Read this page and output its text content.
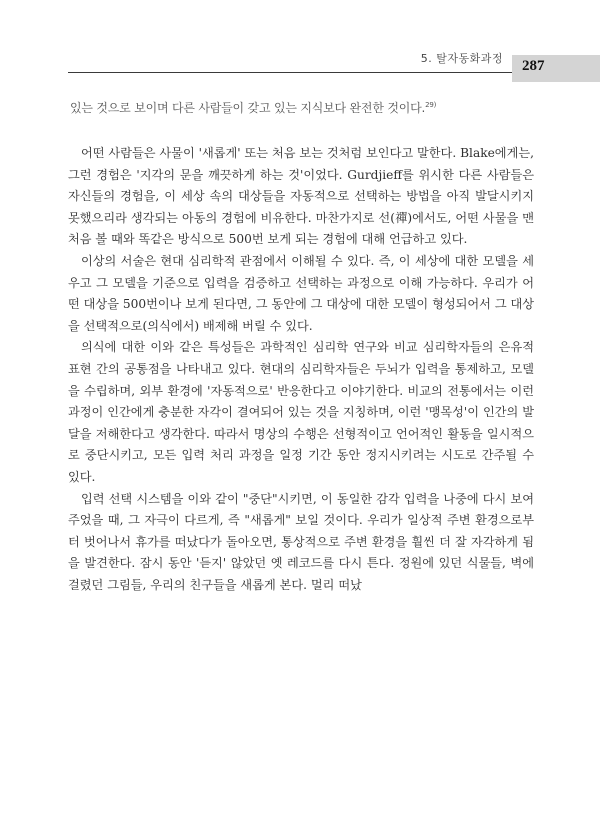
5. 탈자동화과정 287
있는 것으로 보이며 다른 사람들이 갖고 있는 지식보다 완전한 것이다.$^{29)}$

어떤 사람들은 사물이 '새롭게' 또는 처음 보는 것처럼 보인다고 말한다. Blake에게는, 그런 경험은 '지각의 문을 깨끗하게 하는 것'이었다. Gurdjieff를 위시한 다른 사람들은 자신들의 경험을, 이 세상 속의 대상들을 자동적으로 선택하는 방법을 아직 발달시키지 못했으리라 생각되는 아동의 경험에 비유한다. 마찬가지로 선(禪)에서도, 어떤 사물을 맨 처음 볼 때와 똑같은 방식으로 500번 보게 되는 경험에 대해 언급하고 있다.

이상의 서술은 현대 심리학적 관점에서 이해될 수 있다. 즉, 이 세상에 대한 모델을 세우고 그 모델을 기준으로 입력을 검증하고 선택하는 과정으로 이해 가능하다. 우리가 어떤 대상을 500번이나 보게 된다면, 그 동안에 그 대상에 대한 모델이 형성되어서 그 대상을 선택적으로(의식에서) 배제해 버릴 수 있다.

의식에 대한 이와 같은 특성들은 과학적인 심리학 연구와 비교 심리학자들의 은유적 표현 간의 공통점을 나타내고 있다. 현대의 심리학자들은 두뇌가 입력을 통제하고, 모델을 수립하며, 외부 환경에 '자동적으로' 반응한다고 이야기한다. 비교의 전통에서는 이런 과정이 인간에게 충분한 자각이 결여되어 있는 것을 지칭하며, 이런 '맹목성'이 인간의 발달을 저해한다고 생각한다. 따라서 명상의 수행은 선형적이고 언어적인 활동을 일시적으로 중단시키고, 모든 입력 처리 과정을 일정 기간 동안 정지시키려는 시도로 간주될 수 있다.

입력 선택 시스템을 이와 같이 "중단"시키면, 이 동일한 감각 입력을 나중에 다시 보여 주었을 때, 그 자극이 다르게, 즉 "새롭게" 보일 것이다. 우리가 일상적 주변 환경으로부터 벗어나서 휴가를 떠났다가 돌아오면, 통상적으로 주변 환경을 훨씬 더 잘 자각하게 됨을 발견한다. 잠시 동안 '듣지' 않았던 옛 레코드를 다시 튼다. 정원에 있던 식물들, 벽에 걸렸던 그림들, 우리의 친구들을 새롭게 본다. 멀리 떠났
